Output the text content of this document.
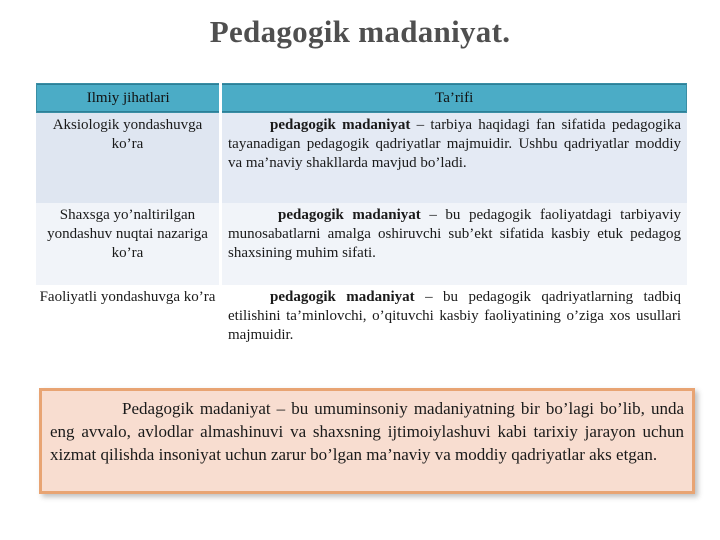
Pedagogik madaniyat.
Ilmiy jihatlari	Ta’rifi
Aksiologik yondashuvga ko’ra
pedagogik madaniyat – tarbiya haqidagi fan sifatida pedagogika tayanadigan pedagogik qadriyatlar majmuidir. Ushbu qadriyatlar moddiy va ma’naviy shakllarda mavjud bo’ladi.
Shaxsga yo’naltirilgan yondashuv nuqtai nazariga ko’ra
pedagogik madaniyat – bu pedagogik faoliyatdagi tarbiyaviy munosabatlarni amalga oshiruvchi sub’ekt sifatida kasbiy etuk pedagog shaxsining muhim sifati.
Faoliyatli yondashuvga ko’ra	pedagogik madaniyat – bu pedagogik qadriyatlarning tadbiq etilishini ta’minlovchi, o’qituvchi kasbiy faoliyatining o’ziga xos usullari majmuidir.
Pedagogik madaniyat – bu umuminsoniy madaniyatning bir bo’lagi bo’lib, unda eng avvalo, avlodlar almashinuvi va shaxsning ijtimoiylashuvi kabi tarixiy jarayon uchun xizmat qilishda insoniyat uchun zarur bo’lgan ma’naviy va moddiy qadriyatlar aks etgan.
